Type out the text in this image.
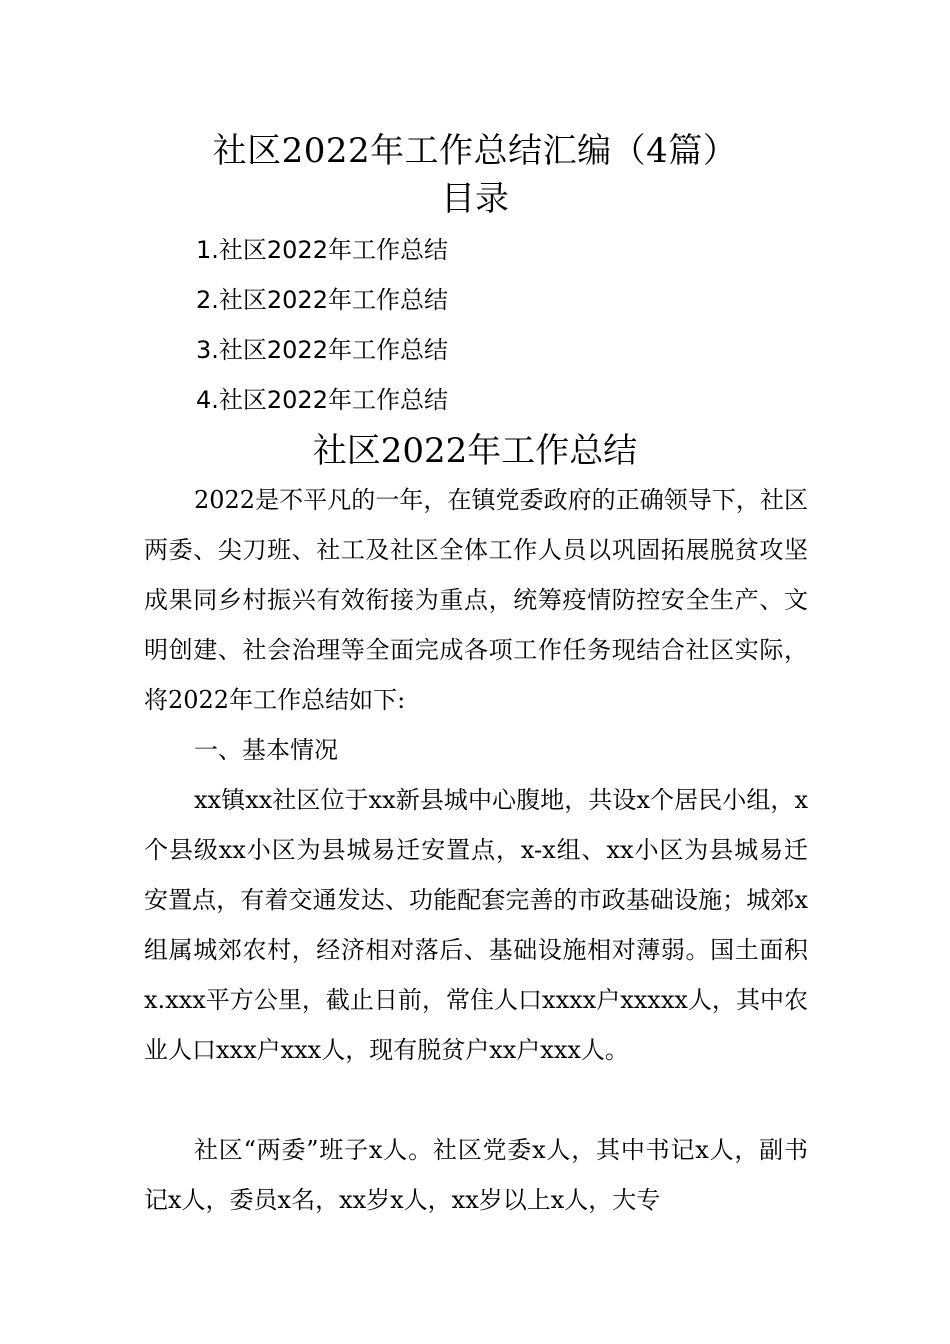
社区2022年工作总结汇编（4篇）
目录
1.社区2022年工作总结
2.社区2022年工作总结
3.社区2022年工作总结
4.社区2022年工作总结
社区2022年工作总结

2022是不平凡的一年，在镇党委政府的正确领导下，社区两委、尖刀班、社工及社区全体工作人员以巩固拓展脱贫攻坚成果同乡村振兴有效衔接为重点，统筹疫情防控安全生产、文明创建、社会治理等全面完成各项工作任务现结合社区实际，将2022年工作总结如下:

一、基本情况

xx镇xx社区位于xx新县城中心腹地，共设x个居民小组，x个县级xx小区为县城易迁安置点，x-x组、xx小区为县城易迁安置点，有着交通发达、功能配套完善的市政基础设施；城郊x组属城郊农村，经济相对落后、基础设施相对薄弱。国土面积x.xxx平方公里，截止日前，常住人口xxxx户xxxxx人，其中农业人口xxx户xxx人，现有脱贫户xx户xxx人。

社区“两委”班子x人。社区党委x人，其中书记x人，副书记x人，委员x名，xx岁x人，xx岁以上x人，大专
